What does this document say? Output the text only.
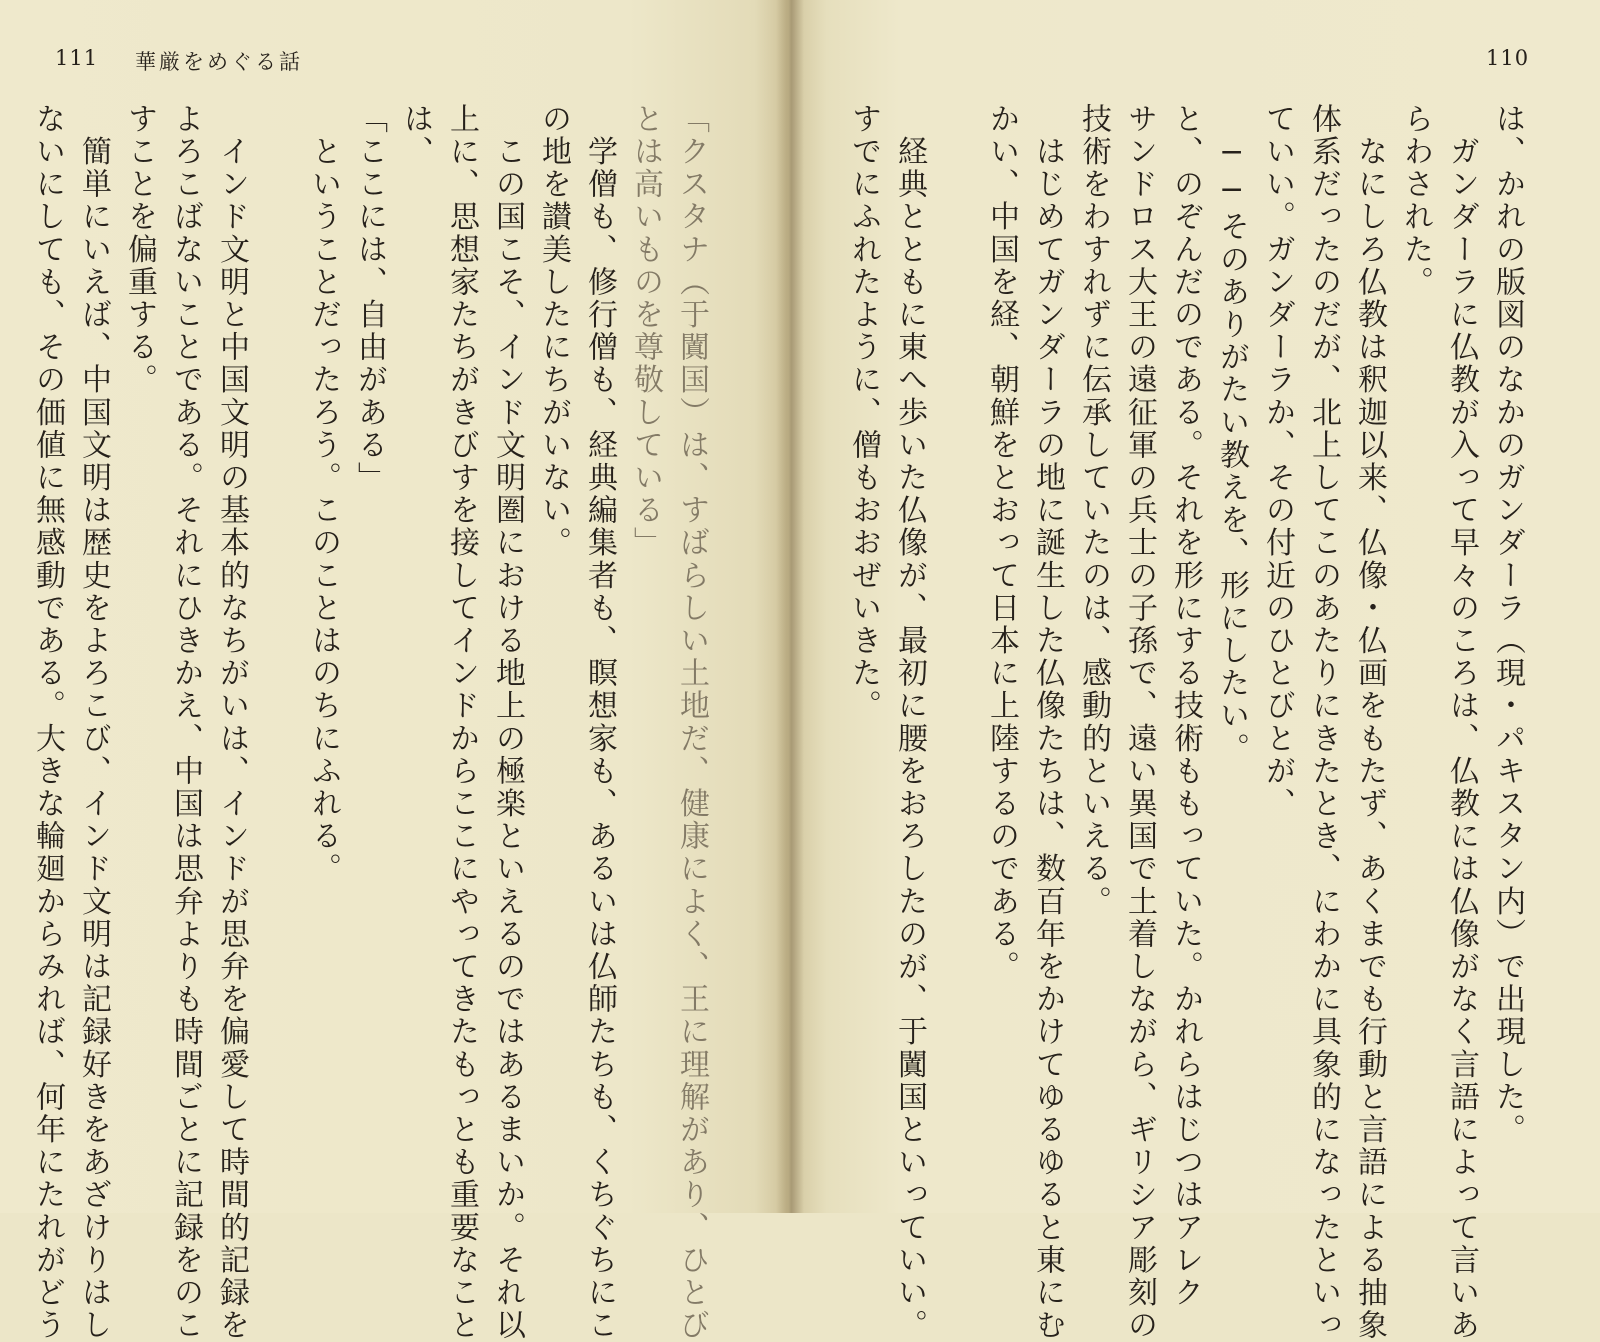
111 華厳をめぐる話	110
は、かれの版図のなかのガンダーラ（現・パキスタン内）で出現した。
　ガンダーラに仏教が入って早々のころは、仏教には仏像がなく言語によって言いあ
らわされた。
　なにしろ仏教は釈迦以来、仏像・仏画をもたず、あくまでも行動と言語による抽象
体系だったのだが、北上してこのあたりにきたとき、にわかに具象的になったといっ
ていい。ガンダーラか、その付近のひとびとが、
　──そのありがたい教えを、形にしたい。
と、のぞんだのである。それを形にする技術ももっていた。かれらはじつはアレク
サンドロス大王の遠征軍の兵士の子孫で、遠い異国で土着しながら、ギリシア彫刻の
技術をわすれずに伝承していたのは、感動的といえる。
　はじめてガンダーラの地に誕生した仏像たちは、数百年をかけてゆるゆると東にむ
かい、中国を経、朝鮮をとおって日本に上陸するのである。
　経典とともに東へ歩いた仏像が、最初に腰をおろしたのが、于闐国といっていい。
すでにふれたように、僧もおおぜいきた。
「クスタナ（于闐国）は、すばらしい土地だ、健康によく、王に理解があり、ひとび
とは高いものを尊敬している」
　学僧も、修行僧も、経典編集者も、瞑想家も、あるいは仏師たちも、くちぐちにこ
の地を讃美したにちがいない。
　この国こそ、インド文明圏における地上の極楽といえるのではあるまいか。それ以
上に、思想家たちがきびすを接してインドからここにやってきたもっとも重要なこと
は、
「ここには、自由がある」
　ということだったろう。このことはのちにふれる。
　インド文明と中国文明の基本的なちがいは、インドが思弁を偏愛して時間的記録を
よろこばないことである。それにひきかえ、中国は思弁よりも時間ごとに記録をのこ
すことを偏重する。
　簡単にいえば、中国文明は歴史をよろこび、インド文明は記録好きをあざけりはし
ないにしても、その価値に無感動である。大きな輪廻からみれば、何年にたれがどう
